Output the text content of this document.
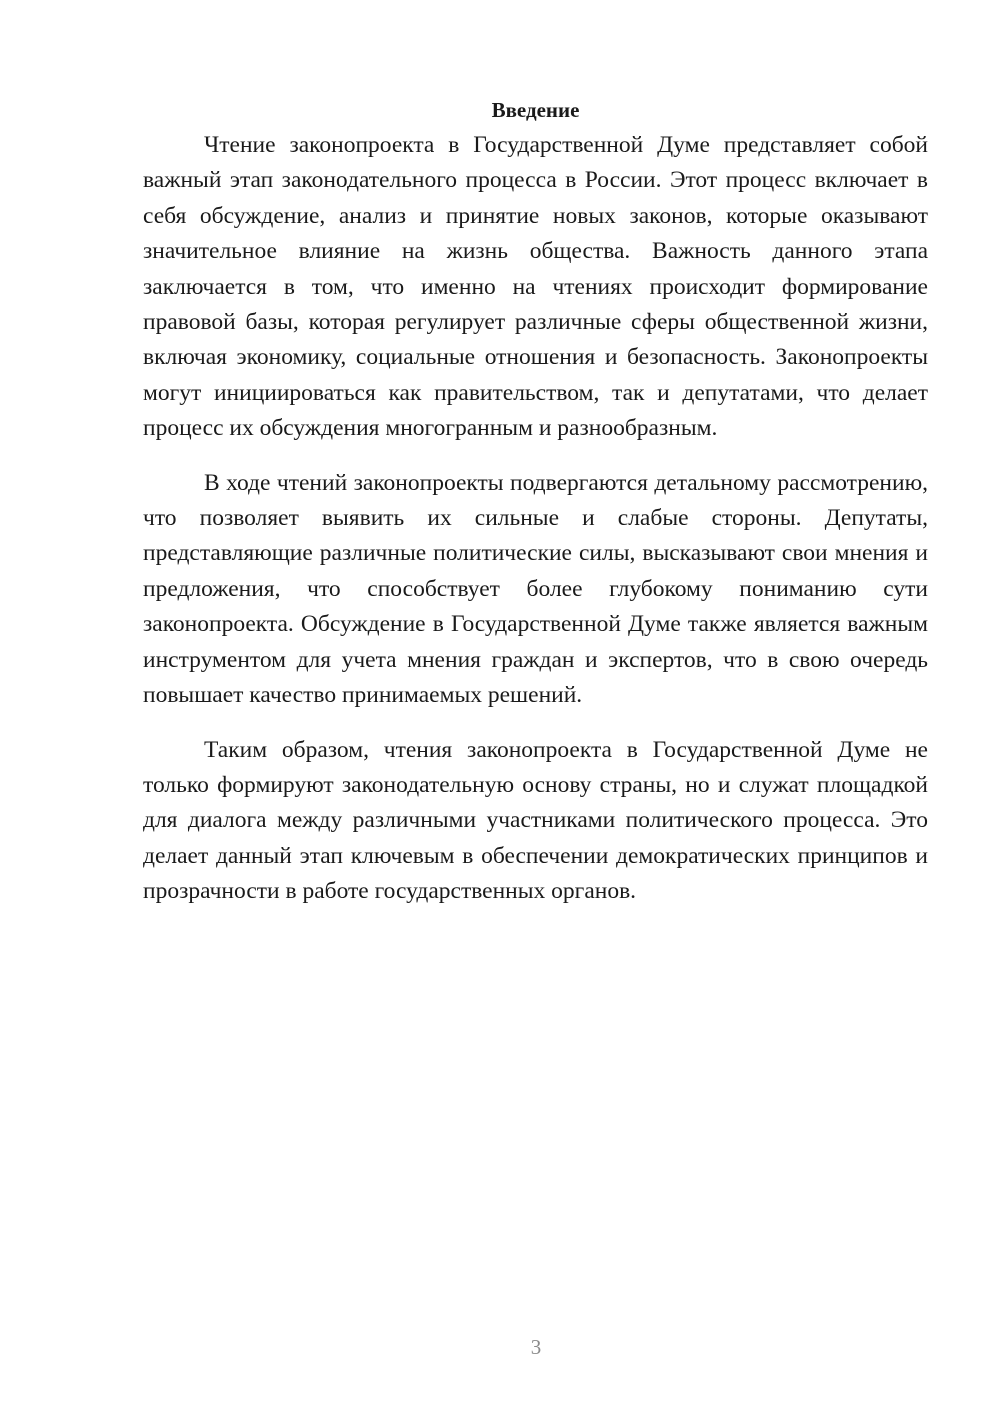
Введение

Чтение законопроекта в Государственной Думе представляет собой важный этап законодательного процесса в России. Этот процесс включает в себя обсуждение, анализ и принятие новых законов, которые оказывают значительное влияние на жизнь общества. Важность данного этапа заключается в том, что именно на чтениях происходит формирование правовой базы, которая регулирует различные сферы общественной жизни, включая экономику, социальные отношения и безопасность. Законопроекты могут инициироваться как правительством, так и депутатами, что делает процесс их обсуждения многогранным и разнообразным.

В ходе чтений законопроекты подвергаются детальному рассмотрению, что позволяет выявить их сильные и слабые стороны. Депутаты, представляющие различные политические силы, высказывают свои мнения и предложения, что способствует более глубокому пониманию сути законопроекта. Обсуждение в Государственной Думе также является важным инструментом для учета мнения граждан и экспертов, что в свою очередь повышает качество принимаемых решений.

Таким образом, чтения законопроекта в Государственной Думе не только формируют законодательную основу страны, но и служат площадкой для диалога между различными участниками политического процесса. Это делает данный этап ключевым в обеспечении демократических принципов и прозрачности в работе государственных органов.

3
